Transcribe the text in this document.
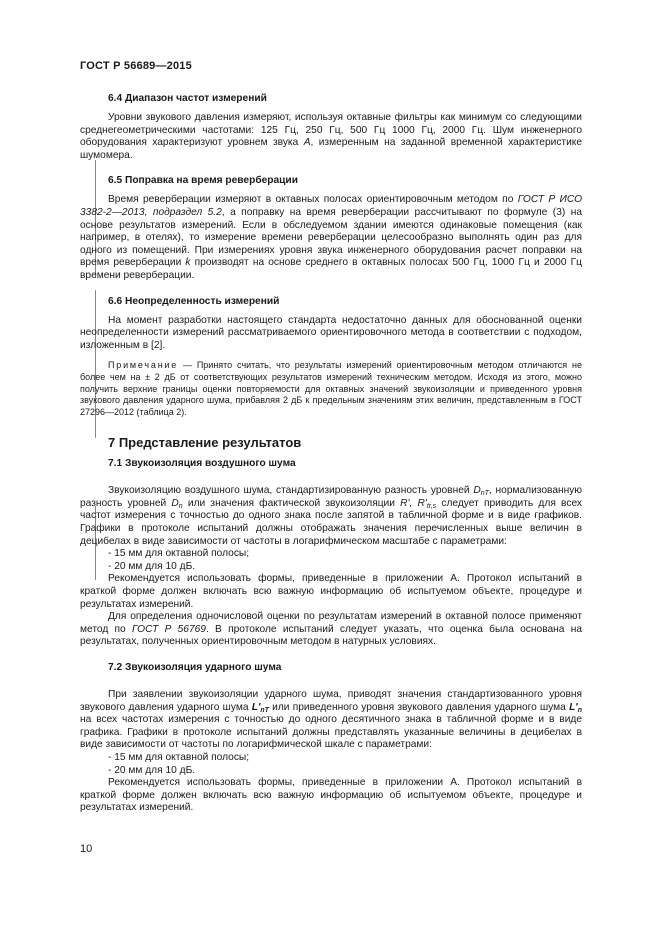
ГОСТ Р 56689—2015
6.4 Диапазон частот измерений

Уровни звукового давления измеряют, используя октавные фильтры как минимум со следующими среднегеометрическими частотами: 125 Гц, 250 Гц, 500 Гц 1000 Гц, 2000 Гц. Шум инженерного оборудования характеризуют уровнем звука A, измеренным на заданной временной характеристике шумомера.

6.5 Поправка на время реверберации

Время реверберации измеряют в октавных полосах ориентировочным методом по ГОСТ Р ИСО 3382-2—2013, подраздел 5.2, а поправку на время реверберации рассчитывают по формуле (3) на основе результатов измерений. Если в обследуемом здании имеются одинаковые помещения (как например, в отелях), то измерение времени реверберации целесообразно выполнять один раз для одного из помещений. При измерениях уровня звука инженерного оборудования расчет поправки на время реверберации k производят на основе среднего в октавных полосах 500 Гц, 1000 Гц и 2000 Гц времени реверберации.

6.6 Неопределенность измерений

На момент разработки настоящего стандарта недостаточно данных для обоснованной оценки неопределенности измерений рассматриваемого ориентировочного метода в соответствии с подходом, изложенным в [2].

Примечание — Принято считать, что результаты измерений ориентировочным методом отличаются не более чем на ± 2 дБ от соответствующих результатов измерений техническим методом. Исходя из этого, можно получить верхние границы оценки повторяемости для октавных значений звукоизоляции и приведенного уровня звукового давления ударного шума, прибавляя 2 дБ к предельным значениям этих величин, представленным в ГОСТ 27296—2012 (таблица 2).

7 Представление результатов
7.1 Звукоизоляция воздушного шума

Звукоизоляцию воздушного шума, стандартизированную разность уровней $D_{nT}$, нормализованную разность уровней $D_n$ или значения фактической звукоизоляции R', $R'_{tr,s}$ следует приводить для всех частот измерения с точностью до одного знака после запятой в табличной форме и в виде графиков. Графики в протоколе испытаний должны отображать значения перечисленных выше величин в децибелах в виде зависимости от частоты в логарифмическом масштабе с параметрами:

- 15 мм для октавной полосы;
- 20 мм для 10 дБ.

Рекомендуется использовать формы, приведенные в приложении А. Протокол испытаний в краткой форме должен включать всю важную информацию об испытуемом объекте, процедуре и результатах измерений.

Для определения одночисловой оценки по результатам измерений в октавной полосе применяют метод по ГОСТ Р 56769. В протоколе испытаний следует указать, что оценка была основана на результатах, полученных ориентировочным методом в натурных условиях.

7.2 Звукоизоляция ударного шума

При заявлении звукоизоляции ударного шума, приводят значения стандартизованного уровня звукового давления ударного шума $L'_{nT}$ или приведенного уровня звукового давления ударного шума $L'_n$ на всех частотах измерения с точностью до одного десятичного знака в табличной форме и в виде графика. Графики в протоколе испытаний должны представлять указанные величины в децибелах в виде зависимости от частоты по логарифмической шкале с параметрами:

- 15 мм для октавной полосы;
- 20 мм для 10 дБ.

Рекомендуется использовать формы, приведенные в приложении А. Протокол испытаний в краткой форме должен включать всю важную информацию об испытуемом объекте, процедуре и результатах измерений.

10
